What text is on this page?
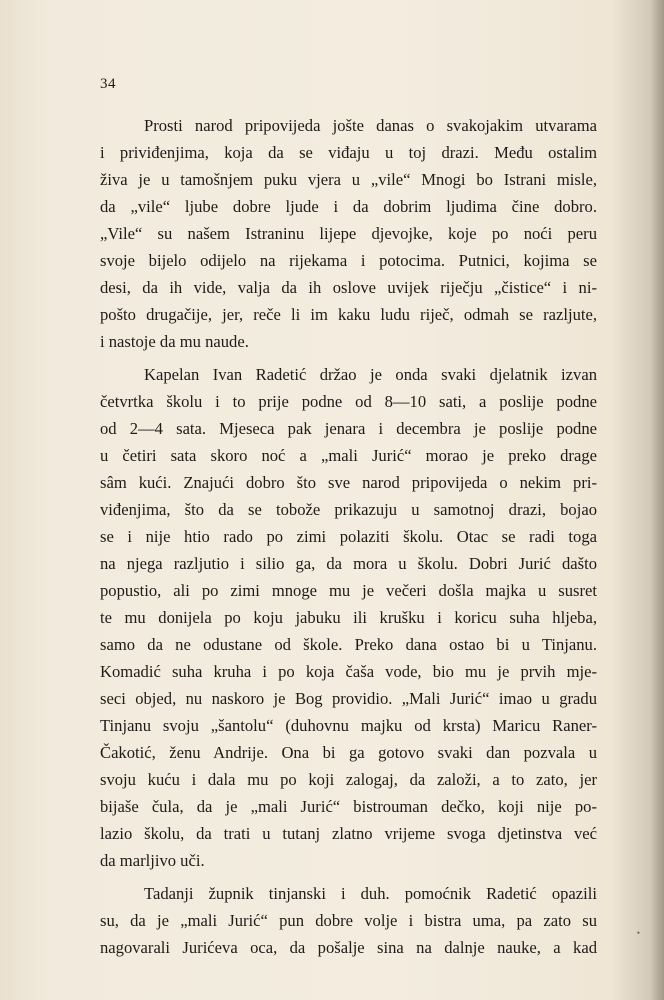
34
Prosti narod pripovijeda jošte danas o svakojakim utvarama
i priviđenjima, koja da se viđaju u toj drazi. Među ostalim
živa je u tamošnjem puku vjera u „vile“ Mnogi bo Istrani misle,
da „vile“ ljube dobre ljude i da dobrim ljudima čine dobro.
„Vile“ su našem Istraninu lijepe djevojke, koje po noći peru
svoje bijelo odijelo na rijekama i potocima. Putnici, kojima se
desi, da ih vide, valja da ih oslove uvijek riječju „čistice“ i ni-
pošto drugačije, jer, reče li im kaku ludu riječ, odmah se razljute,
i nastoje da mu naude.
Kapelan Ivan Radetić držao je onda svaki djelatnik izvan
četvrtka školu i to prije podne od 8—10 sati, a poslije podne
od 2—4 sata. Mjeseca pak jenara i decembra je poslije podne
u četiri sata skoro noć a „mali Jurić“ morao je preko drage
sâm kući. Znajući dobro što sve narod pripovijeda o nekim pri-
viđenjima, što da se tobože prikazuju u samotnoj drazi, bojao
se i nije htio rado po zimi polaziti školu. Otac se radi toga
na njega razljutio i silio ga, da mora u školu. Dobri Jurić dašto
popustio, ali po zimi mnoge mu je večeri došla majka u susret
te mu donijela po koju jabuku ili krušku i koricu suha hljeba,
samo da ne odustane od škole. Preko dana ostao bi u Tinjanu.
Komadić suha kruha i po koja čaša vode, bio mu je prvih mje-
seci objed, nu naskoro je Bog providio. „Mali Jurić“ imao u gradu
Tinjanu svoju „šantolu“ (duhovnu majku od krsta) Maricu Raner-
Čakotić, ženu Andrije. Ona bi ga gotovo svaki dan pozvala u
svoju kuću i dala mu po koji zalogaj, da založi, a to zato, jer
bijaše čula, da je „mali Jurić“ bistrouman dečko, koji nije po-
lazio školu, da trati u tutanj zlatno vrijeme svoga djetinstva već
da marljivo uči.
Tadanji župnik tinjanski i duh. pomoćnik Radetić opazili
su, da je „mali Jurić“ pun dobre volje i bistra uma, pa zato su
nagovarali Jurićeva oca, da pošalje sina na dalnje nauke, a kad
•
